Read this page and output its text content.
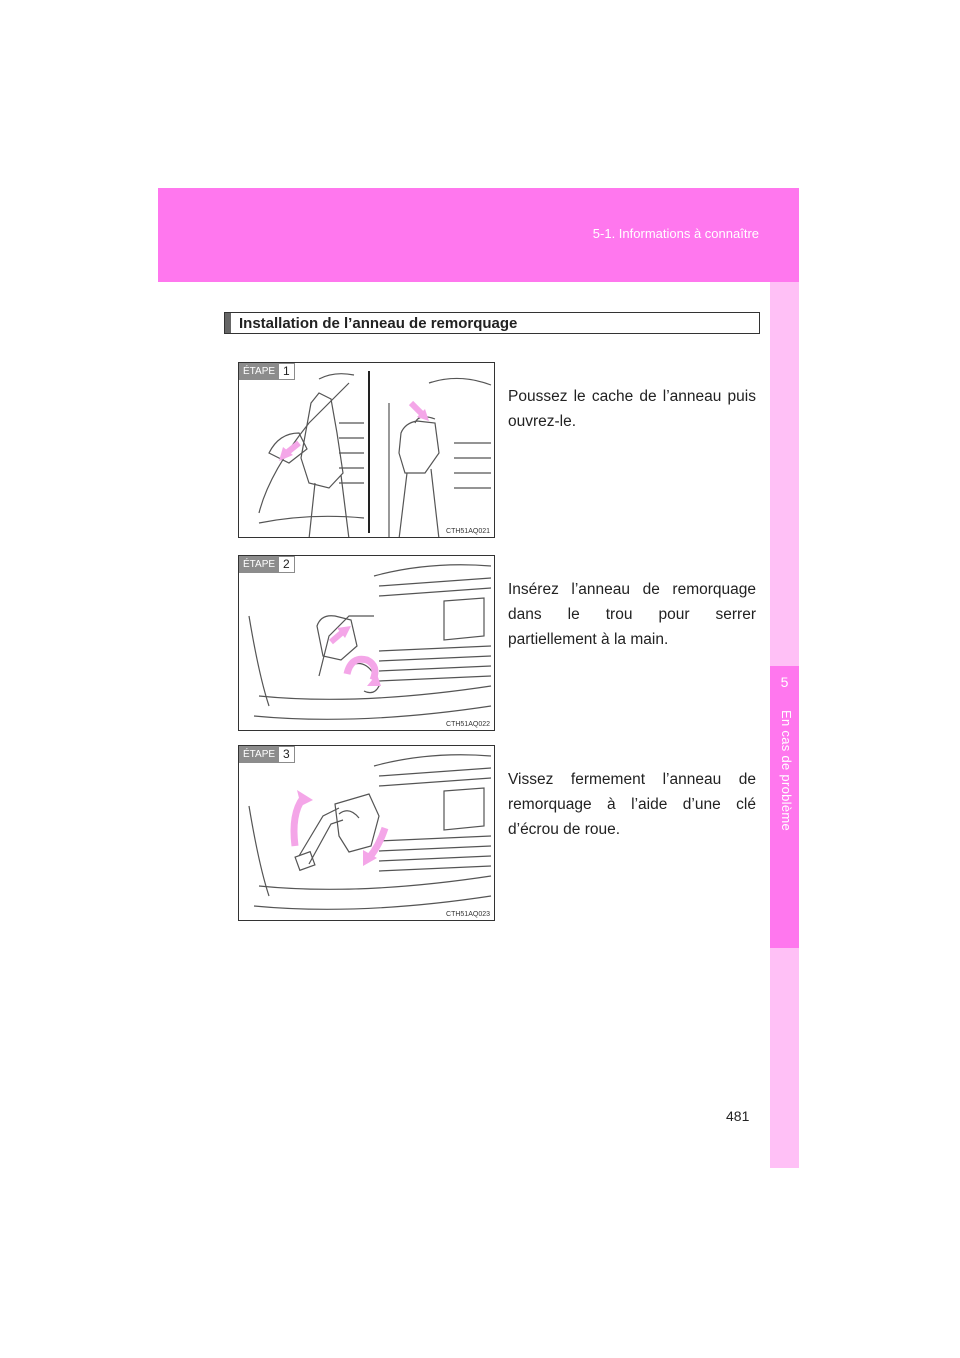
5-1. Informations à connaître
5
En cas de problème
Installation de l’anneau de remorquage
ÉTAPE 1
CTH51AQ021
Poussez le cache de l’anneau puis ouvrez-le.
ÉTAPE 2
CTH51AQ022
Insérez l’anneau de remorquage dans le trou pour serrer partiellement à la main.
ÉTAPE 3
CTH51AQ023
Vissez fermement l’anneau de remorquage à l’aide d’une clé d’écrou de roue.
481
